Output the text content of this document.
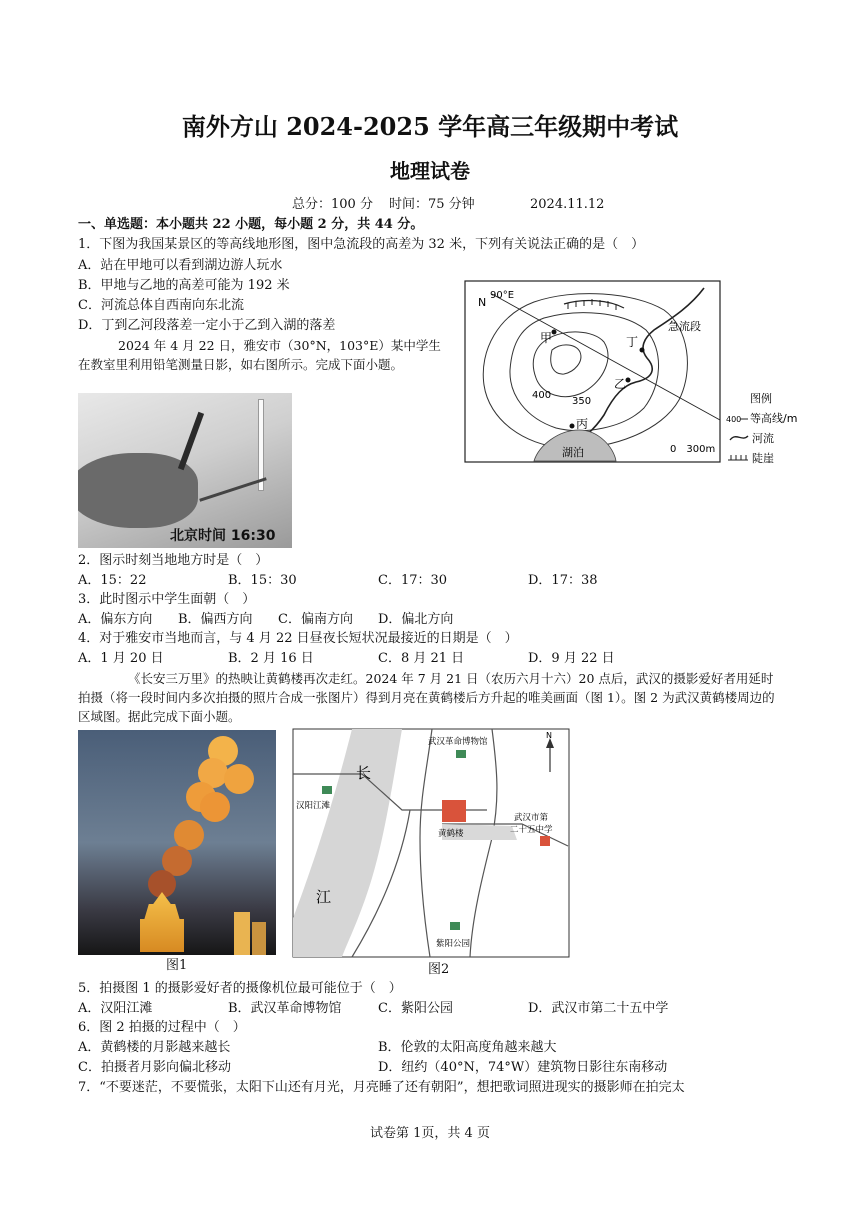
南外方山 2024-2025 学年高三年级期中考试
地理试卷
总分：100 分 时间：75 分钟	2024.11.12
一、单选题：本小题共 22 小题，每小题 2 分，共 44 分。
1．下图为我国某景区的等高线地形图，图中急流段的高差为 32 米，下列有关说法正确的是（　）
A．站在甲地可以看到湖边游人玩水
B．甲地与乙地的高差可能为 192 米
C．河流总体自西南向东北流
D．丁到乙河段落差一定小于乙到入湖的落差
N
90°E
甲
乙
丙
丁
急流段
湖泊
400
350
0　300m
图例
400 等高线/m
河流
陡崖
2024 年 4 月 22 日，雅安市（30°N，103°E）某中学生在教室里利用铅笔测量日影，如右图所示。完成下面小题。
北京时间 16:30
2．图示时刻当地地方时是（　）
A．15：22	B．15：30	C．17：30	D．17：38
3．此时图示中学生面朝（　）
A．偏东方向 B．偏西方向 C．偏南方向 D．偏北方向
4．对于雅安市当地而言，与 4 月 22 日昼夜长短状况最接近的日期是（　）
A．1 月 20 日	B．2 月 16 日	C．8 月 21 日	D．9 月 22 日
《长安三万里》的热映让黄鹤楼再次走红。2024 年 7 月 21 日（农历六月十六）20 点后，武汉的摄影爱好者用延时拍摄（将一段时间内多次拍摄的照片合成一张图片）得到月亮在黄鹤楼后方升起的唯美画面（图 1）。图 2 为武汉黄鹤楼周边的区域图。据此完成下面小题。
图1
N
武汉革命博物馆
汉阳江滩
黄鹤楼
武汉市第
二十五中学
紫阳公园
长
江
图2
5．拍摄图 1 的摄影爱好者的摄像机位最可能位于（　）
A．汉阳江滩	B．武汉革命博物馆	C．紫阳公园	D．武汉市第二十五中学
6．图 2 拍摄的过程中（　）
A．黄鹤楼的月影越来越长	B．伦敦的太阳高度角越来越大
C．拍摄者月影向偏北移动	D．纽约（40°N，74°W）建筑物日影往东南移动
7．“不要迷茫，不要慌张，太阳下山还有月光，月亮睡了还有朝阳”，想把歌词照进现实的摄影师在拍完太
试卷第 1页，共 4 页
